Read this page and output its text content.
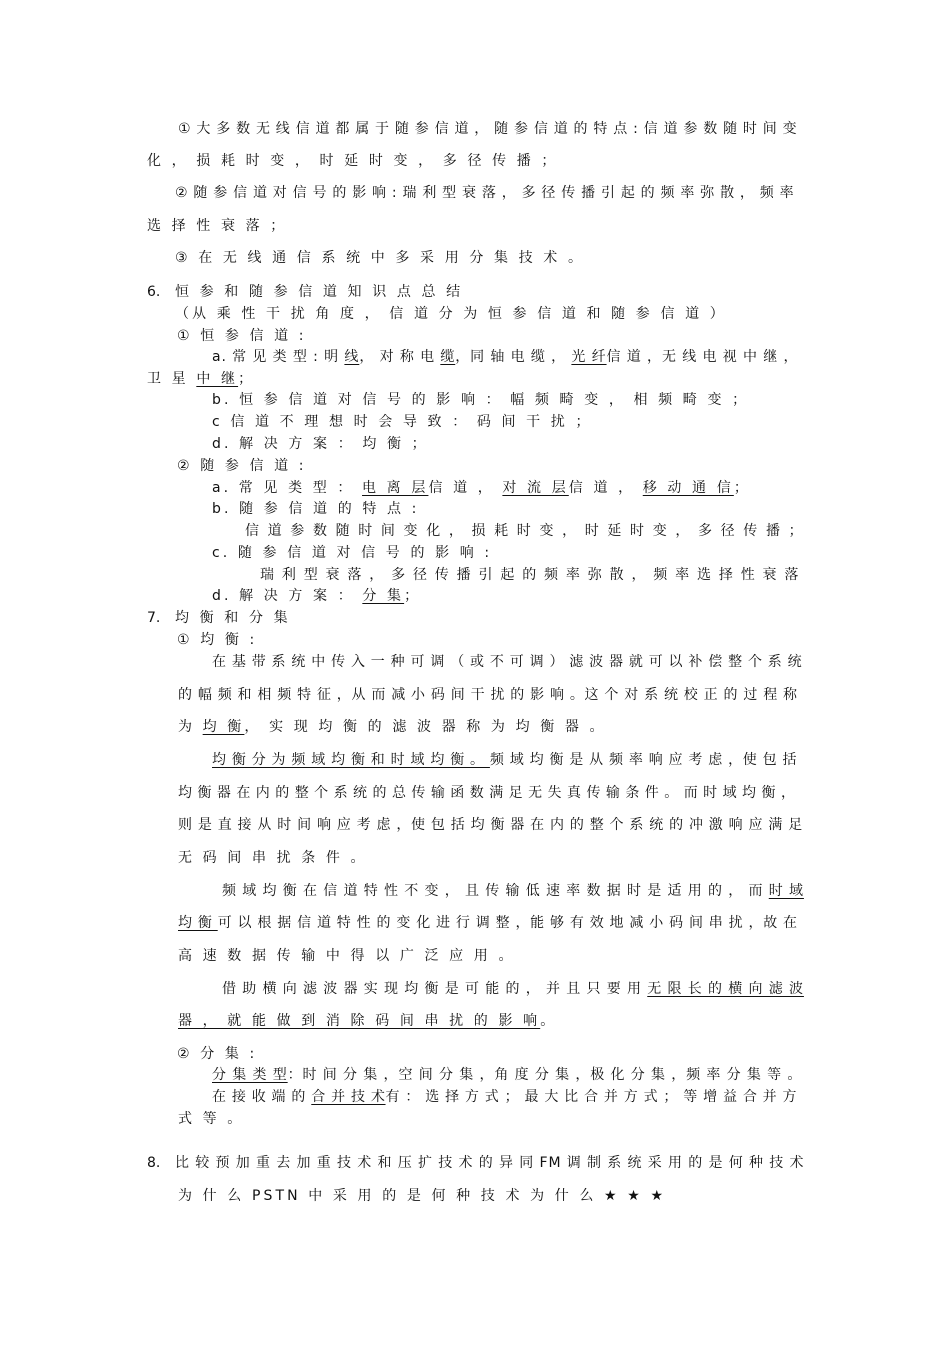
① 大 多 数 无 线 信 道 都 属 于 随 参 信 道 ， 随 参 信 道 的 特 点 : 信 道 参 数 随 时 间 变
化 ， 损 耗 时 变 ， 时 延 时 变 ， 多 径 传 播 ；
② 随 参 信 道 对 信 号 的 影 响 : 瑞 利 型 衰 落 ， 多 径 传 播 引 起 的 频 率 弥 散 ， 频 率
选 择 性 衰 落 ；
③ 在 无 线 通 信 系 统 中 多 采 用 分 集 技 术 。
6. 恒 参 和 随 参 信 道 知 识 点 总 结
（从 乘 性 干 扰 角 度 ， 信 道 分 为 恒 参 信 道 和 随 参 信 道 ）
① 恒 参 信 道 :
a. 常 见 类 型 : 明 线， 对 称 电 缆，同 轴 电 缆 ， 光 纤信 道 ，无 线 电 视 中 继 ，
卫 星 中 继；
b. 恒 参 信 道 对 信 号 的 影 响 ： 幅 频 畸 变 ， 相 频 畸 变 ；
c 信 道 不 理 想 时 会 导 致 ： 码 间 干 扰 ；
d. 解 决 方 案 ： 均 衡 ；
② 随 参 信 道 :
a. 常 见 类 型 ： 电 离 层信 道 ， 对 流 层信 道 ， 移 动 通 信；
b. 随 参 信 道 的 特 点 :
信 道 参 数 随 时 间 变 化 ， 损 耗 时 变 ， 时 延 时 变 ， 多 径 传 播 ；
c. 随 参 信 道 对 信 号 的 影 响 :
瑞 利 型 衰 落 ， 多 径 传 播 引 起 的 频 率 弥 散 ， 频 率 选 择 性 衰 落
d. 解 决 方 案 ： 分 集；
7. 均 衡 和 分 集
① 均 衡 :
在 基 带 系 统 中 传 入 一 种 可 调 （ 或 不 可 调 ） 滤 波 器 就 可 以 补 偿 整 个 系 统
的 幅 频 和 相 频 特 征 ，从 而 减 小 码 间 干 扰 的 影 响 。这 个 对 系 统 校 正 的 过 程 称
为 均 衡， 实 现 均 衡 的 滤 波 器 称 为 均 衡 器 。
均 衡 分 为 频 域 均 衡 和 时 域 均 衡 。 频 域 均 衡 是 从 频 率 响 应 考 虑 ，使 包 括
均 衡 器 在 内 的 整 个 系 统 的 总 传 输 函 数 满 足 无 失 真 传 输 条 件 。 而 时 域 均 衡 ，
则 是 直 接 从 时 间 响 应 考 虑 ，使 包 括 均 衡 器 在 内 的 整 个 系 统 的 冲 激 响 应 满 足
无 码 间 串 扰 条 件 。
频 域 均 衡 在 信 道 特 性 不 变 ， 且 传 输 低 速 率 数 据 时 是 适 用 的 ， 而 时 域
均 衡 可 以 根 据 信 道 特 性 的 变 化 进 行 调 整 ，能 够 有 效 地 减 小 码 间 串 扰 ，故 在
高 速 数 据 传 输 中 得 以 广 泛 应 用 。
借 助 横 向 滤 波 器 实 现 均 衡 是 可 能 的 ， 并 且 只 要 用 无 限 长 的 横 向 滤 波
器 ， 就 能 做 到 消 除 码 间 串 扰 的 影 响。
② 分 集 :
分 集 类 型：时 间 分 集 ，空 间 分 集 ，角 度 分 集 ，极 化 分 集 ，频 率 分 集 等 。
在 接 收 端 的 合 并 技 术有 ： 选 择 方 式 ； 最 大 比 合 并 方 式 ； 等 增 益 合 并 方
式 等 。
8. 比 较 预 加 重 去 加 重 技 术 和 压 扩 技 术 的 异 同 FM 调 制 系 统 采 用 的 是 何 种 技 术
为 什 么 PSTN 中 采 用 的 是 何 种 技 术 为 什 么 ★ ★ ★
